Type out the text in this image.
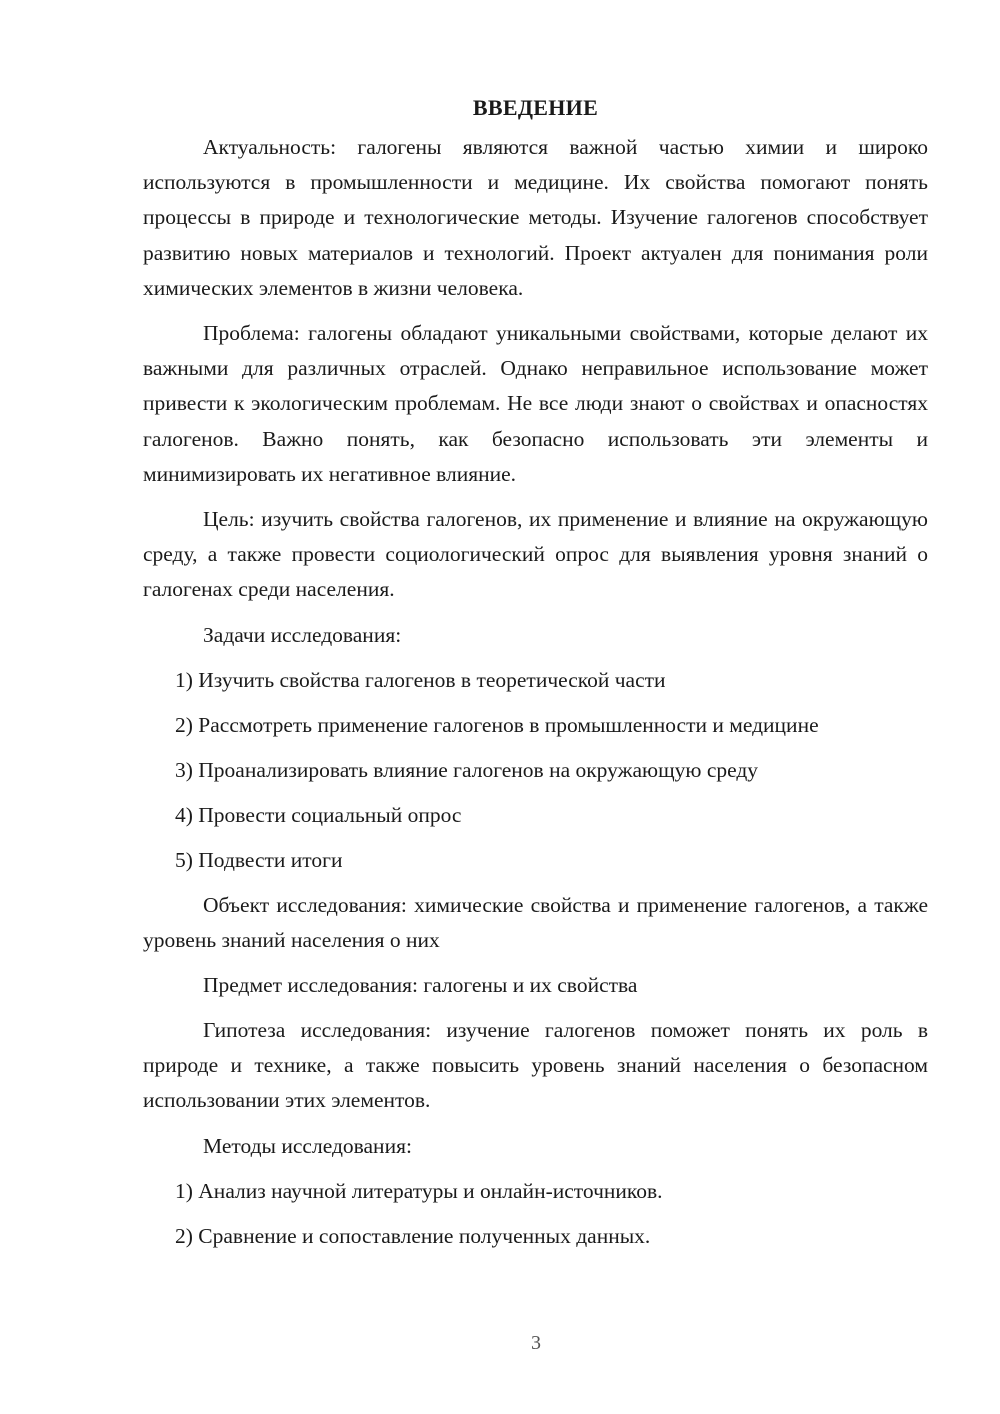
ВВЕДЕНИЕ

Актуальность: галогены являются важной частью химии и широко используются в промышленности и медицине. Их свойства помогают понять процессы в природе и технологические методы. Изучение галогенов способствует развитию новых материалов и технологий. Проект актуален для понимания роли химических элементов в жизни человека.

Проблема: галогены обладают уникальными свойствами, которые делают их важными для различных отраслей. Однако неправильное использование может привести к экологическим проблемам. Не все люди знают о свойствах и опасностях галогенов. Важно понять, как безопасно использовать эти элементы и минимизировать их негативное влияние.

Цель: изучить свойства галогенов, их применение и влияние на окружающую среду, а также провести социологический опрос для выявления уровня знаний о галогенах среди населения.

Задачи исследования:

1) Изучить свойства галогенов в теоретической части

2) Рассмотреть применение галогенов в промышленности и медицине

3) Проанализировать влияние галогенов на окружающую среду

4) Провести социальный опрос

5) Подвести итоги

Объект исследования: химические свойства и применение галогенов, а также уровень знаний населения о них

Предмет исследования: галогены и их свойства

Гипотеза исследования: изучение галогенов поможет понять их роль в природе и технике, а также повысить уровень знаний населения о безопасном использовании этих элементов.

Методы исследования:

1) Анализ научной литературы и онлайн-источников.

2) Сравнение и сопоставление полученных данных.

3
